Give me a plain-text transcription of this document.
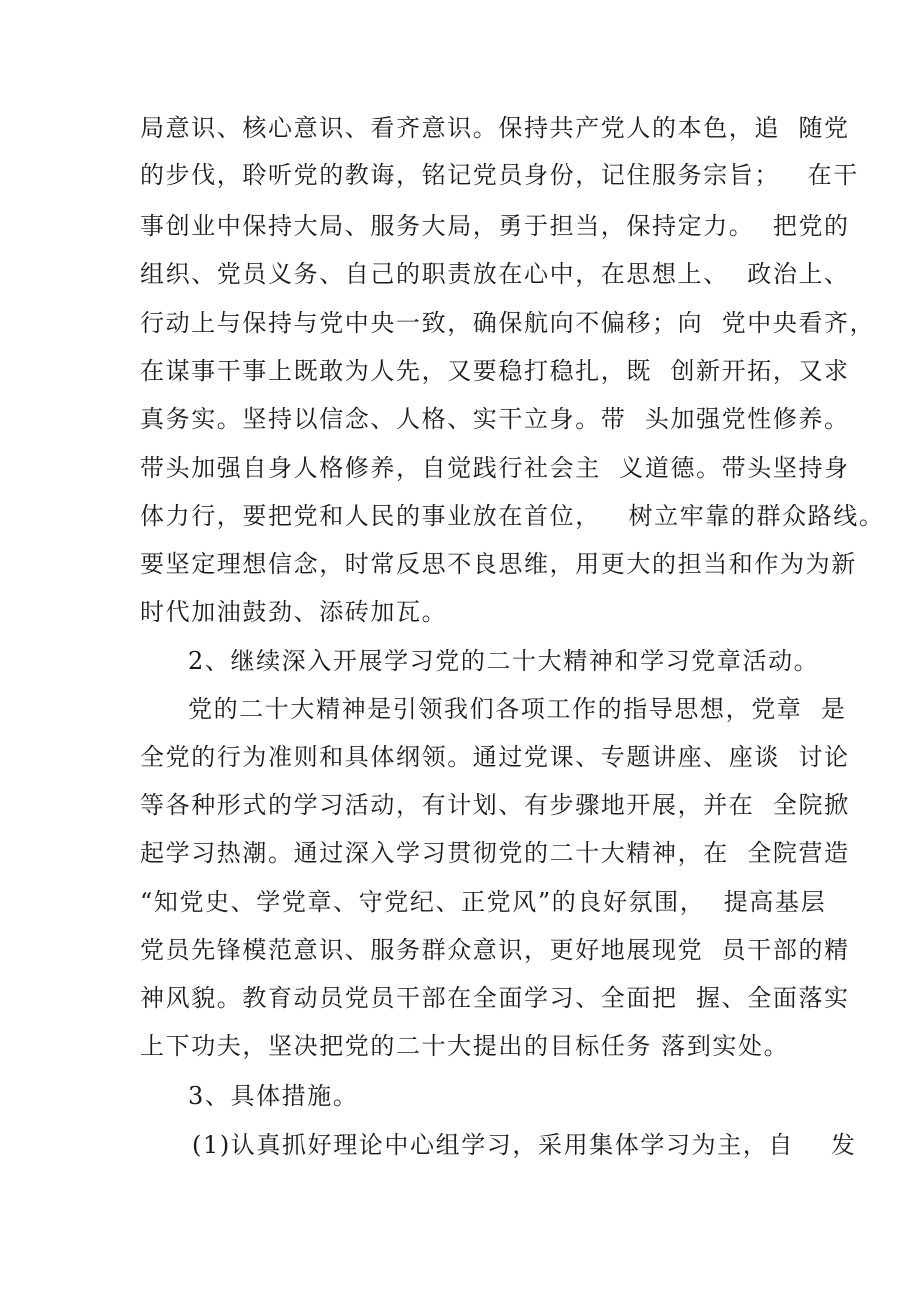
局意识、核心意识、看齐意识。保持共产党人的本色，追  随党
的步伐，聆听党的教诲，铭记党员身份，记住服务宗旨；   在干
事创业中保持大局、服务大局，勇于担当，保持定力。  把党的
组织、党员义务、自己的职责放在心中，在思想上、  政治上、
行动上与保持与党中央一致，确保航向不偏移；向  党中央看齐，
在谋事干事上既敢为人先，又要稳打稳扎，既  创新开拓，又求
真务实。坚持以信念、人格、实干立身。带  头加强党性修养。
带头加强自身人格修养，自觉践行社会主  义道德。带头坚持身
体力行，要把党和人民的事业放在首位，   树立牢靠的群众路线。
要坚定理想信念，时常反思不良思维，用更大的担当和作为为新
时代加油鼓劲、添砖加瓦。
2、继续深入开展学习党的二十大精神和学习党章活动。
党的二十大精神是引领我们各项工作的指导思想，党章  是
全党的行为准则和具体纲领。通过党课、专题讲座、座谈  讨论
等各种形式的学习活动，有计划、有步骤地开展，并在  全院掀
起学习热潮。通过深入学习贯彻党的二十大精神，在  全院营造
“知党史、学党章、守党纪、正党风”的良好氛围，  提高基层
党员先锋模范意识、服务群众意识，更好地展现党  员干部的精
神风貌。教育动员党员干部在全面学习、全面把  握、全面落实
上下功夫，坚决把党的二十大提出的目标任务 落到实处。
3、具体措施。
(1)认真抓好理论中心组学习，采用集体学习为主，自    发
